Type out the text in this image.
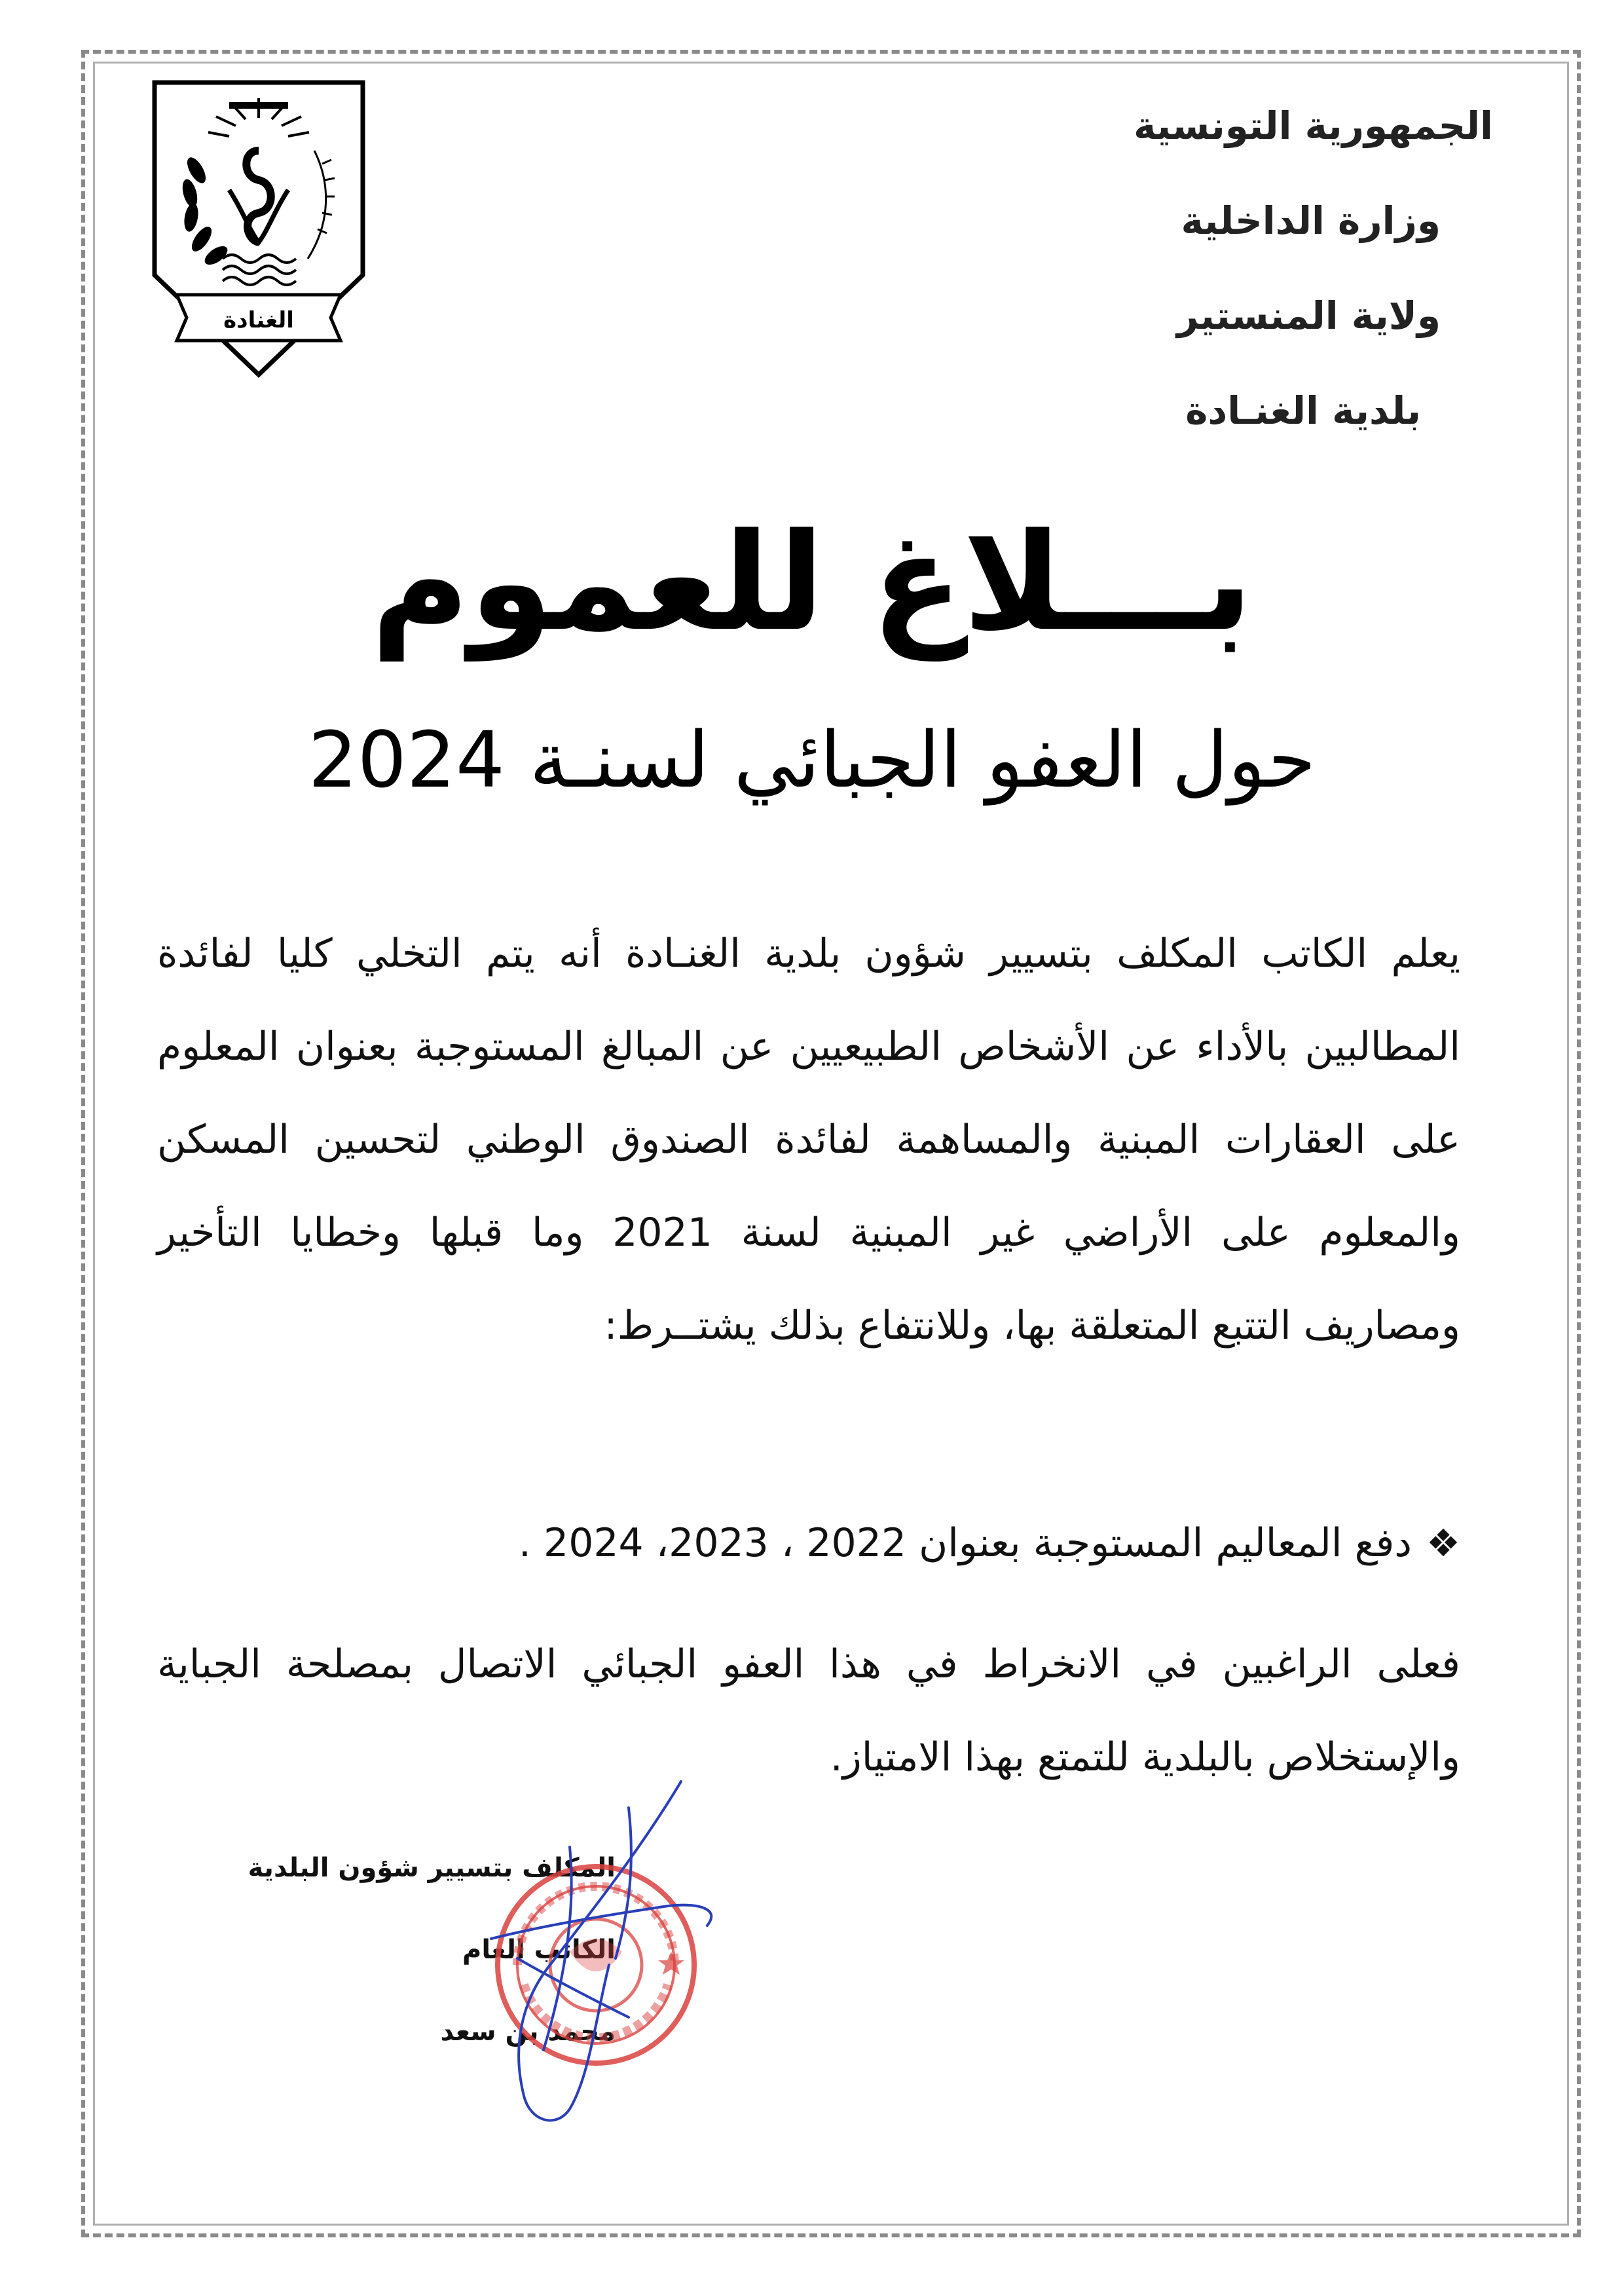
الغنادة
الجمهورية التونسية
وزارة الداخلية
ولاية المنستير
بلدية الغنـادة
بـــلاغ للعموم
حول العفو الجبائي لسنـة 2024
يعلم الكاتب المكلف بتسيير شؤون بلدية الغنـادة أنه يتم التخلي كليا لفائدة المطالبين بالأداء عن الأشخاص الطبيعيين عن المبالغ المستوجبة بعنوان المعلوم على العقارات المبنية والمساهمة لفائدة الصندوق الوطني لتحسين المسكن والمعلوم على الأراضي غير المبنية لسنة 2021 وما قبلها وخطايا التأخير ومصاريف التتبع المتعلقة بها، وللانتفاع بذلك يشتــرط:
❖دفع المعاليم المستوجبة بعنوان 2022 ، 2023، 2024 .
فعلى الراغبين في الانخراط في هذا العفو الجبائي الاتصال بمصلحة الجباية والإستخلاص بالبلدية للتمتع بهذا الامتياز.
المكلف بتسيير شؤون البلدية
الكاتب العام
محمد بن سعد
